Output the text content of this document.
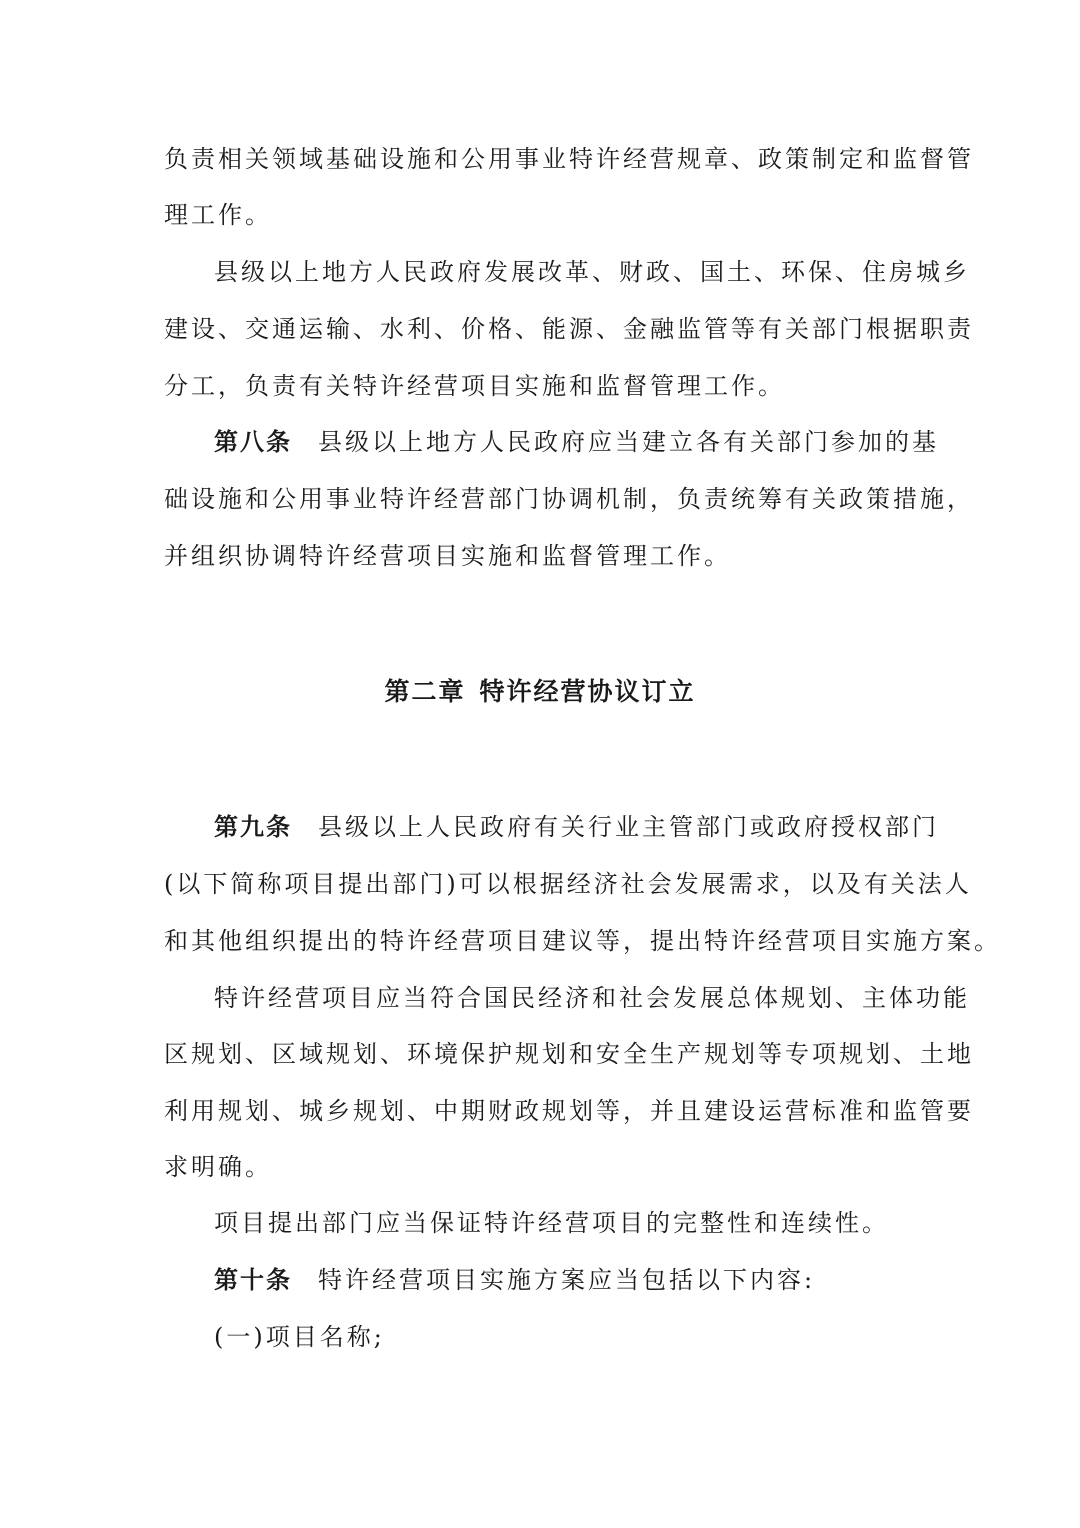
负责相关领域基础设施和公用事业特许经营规章、政策制定和监督管
理工作。
县级以上地方人民政府发展改革、财政、国土、环保、住房城乡
建设、交通运输、水利、价格、能源、金融监管等有关部门根据职责
分工，负责有关特许经营项目实施和监督管理工作。
第八条 县级以上地方人民政府应当建立各有关部门参加的基
础设施和公用事业特许经营部门协调机制，负责统筹有关政策措施，
并组织协调特许经营项目实施和监督管理工作。
第二章 特许经营协议订立
第九条 县级以上人民政府有关行业主管部门或政府授权部门
(以下简称项目提出部门)可以根据经济社会发展需求，以及有关法人
和其他组织提出的特许经营项目建议等，提出特许经营项目实施方案。
特许经营项目应当符合国民经济和社会发展总体规划、主体功能
区规划、区域规划、环境保护规划和安全生产规划等专项规划、土地
利用规划、城乡规划、中期财政规划等，并且建设运营标准和监管要
求明确。
项目提出部门应当保证特许经营项目的完整性和连续性。
第十条 特许经营项目实施方案应当包括以下内容:
(一)项目名称;
